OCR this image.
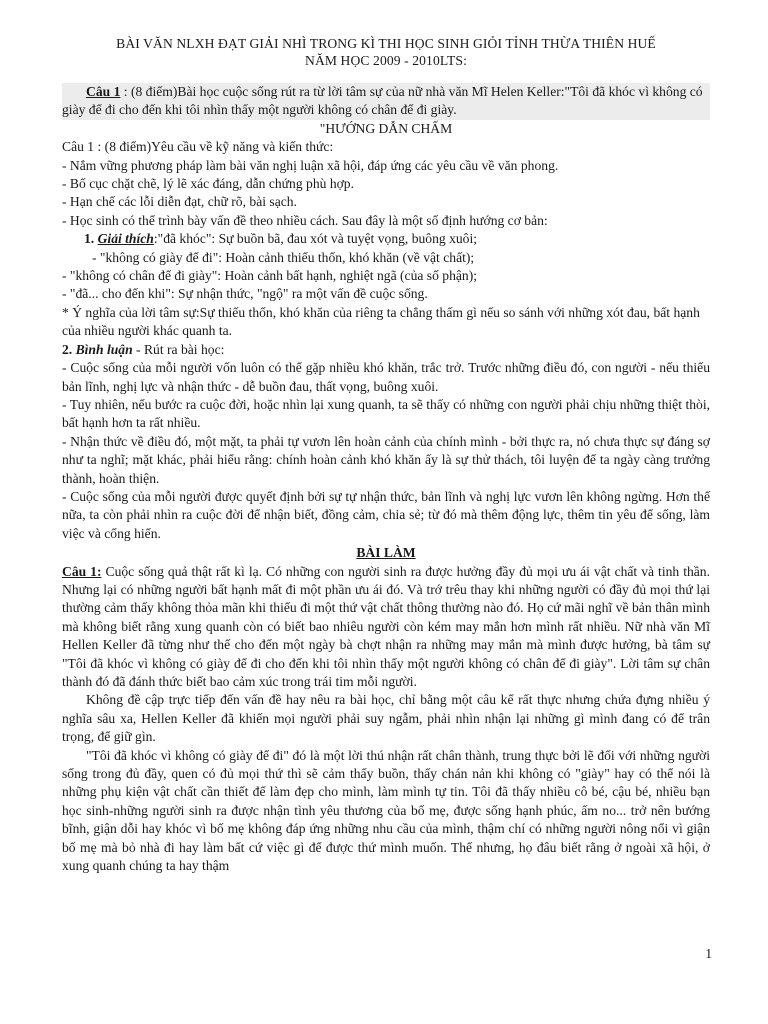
BÀI VĂN NLXH ĐẠT GIẢI NHÌ TRONG KÌ THI HỌC SINH GIỎI TỈNH THỪA THIÊN HUẾ
NĂM HỌC 2009 - 2010LTS:

Câu 1 : (8 điểm)Bài học cuộc sống rút ra từ lời tâm sự của nữ nhà văn Mĩ Helen Keller:"Tôi đã khóc vì không có giày để đi cho đến khi tôi nhìn thấy một người không có chân để đi giày.

"HƯỚNG DẪN CHẤM

Câu 1 : (8 điểm)Yêu cầu về kỹ năng và kiến thức:

- Nắm vững phương pháp làm bài văn nghị luận xã hội, đáp ứng các yêu cầu về văn phong.

- Bố cục chặt chẽ, lý lẽ xác đáng, dẫn chứng phù hợp.

- Hạn chế các lỗi diễn đạt, chữ rõ, bài sạch.

- Học sinh có thể trình bày vấn đề theo nhiều cách. Sau đây là một số định hướng cơ bản:

1. Giải thích:"đã khóc": Sự buồn bã, đau xót và tuyệt vọng, buông xuôi;

- "không có giày để đi": Hoàn cảnh thiếu thốn, khó khăn (về vật chất);

- "không có chân để đi giày": Hoàn cảnh bất hạnh, nghiệt ngã (của số phận);

- "đã... cho đến khi": Sự nhận thức, "ngộ" ra một vấn đề cuộc sống.

* Ý nghĩa của lời tâm sự:Sự thiếu thốn, khó khăn của riêng ta chẳng thấm gì nếu so sánh với những xót đau, bất hạnh của nhiều người khác quanh ta.

2. Bình luận - Rút ra bài học:

- Cuộc sống của mỗi người vốn luôn có thể gặp nhiều khó khăn, trắc trở. Trước những điều đó, con người - nếu thiếu bản lĩnh, nghị lực và nhận thức - dễ buồn đau, thất vọng, buông xuôi.

- Tuy nhiên, nếu bước ra cuộc đời, hoặc nhìn lại xung quanh, ta sẽ thấy có những con người phải chịu những thiệt thòi, bất hạnh hơn ta rất nhiều.

- Nhận thức về điều đó, một mặt, ta phải tự vươn lên hoàn cảnh của chính mình - bởi thực ra, nó chưa thực sự đáng sợ như ta nghĩ; mặt khác, phải hiểu rằng: chính hoàn cảnh khó khăn ấy là sự thử thách, tôi luyện để ta ngày càng trưởng thành, hoàn thiện.

- Cuộc sống của mỗi người được quyết định bởi sự tự nhận thức, bản lĩnh và nghị lực vươn lên không ngừng. Hơn thế nữa, ta còn phải nhìn ra cuộc đời để nhận biết, đồng cảm, chia sẻ; từ đó mà thêm động lực, thêm tin yêu để sống, làm việc và cống hiến.

BÀI LÀM

Câu 1: Cuộc sống quả thật rất kì lạ. Có những con người sinh ra được hưởng đầy đủ mọi ưu ái vật chất và tinh thần. Nhưng lại có những người bất hạnh mất đi một phần ưu ái đó. Và trớ trêu thay khi những người có đầy đủ mọi thứ lại thường cảm thấy không thỏa mãn khi thiếu đi một thứ vật chất thông thường nào đó. Họ cứ mãi nghĩ về bản thân mình mà không biết rằng xung quanh còn có biết bao nhiêu người còn kém may mắn hơn mình rất nhiều. Nữ nhà văn Mĩ Hellen Keller đã từng như thế cho đến một ngày bà chợt nhận ra những may mắn mà mình được hưởng, bà tâm sự "Tôi đã khóc vì không có giày để đi cho đến khi tôi nhìn thấy một người không có chân để đi giày". Lời tâm sự chân thành đó đã đánh thức biết bao cảm xúc trong trái tim mỗi người.

Không đề cập trực tiếp đến vấn đề hay nêu ra bài học, chỉ bằng một câu kể rất thực nhưng chứa đựng nhiều ý nghĩa sâu xa, Hellen Keller đã khiến mọi người phải suy ngẫm, phải nhìn nhận lại những gì mình đang có để trân trọng, để giữ gìn.

"Tôi đã khóc vì không có giày để đi" đó là một lời thú nhận rất chân thành, trung thực bởi lẽ đối với những người sống trong đủ đầy, quen có đủ mọi thứ thì sẽ cảm thấy buồn, thấy chán nản khi không có "giày" hay có thể nói là những phụ kiện vật chất cần thiết để làm đẹp cho mình, làm mình tự tin. Tôi đã thấy nhiều cô bé, cậu bé, nhiều bạn học sinh-những người sinh ra được nhận tình yêu thương của bố mẹ, được sống hạnh phúc, ấm no... trở nên bướng bĩnh, giận dỗi hay khóc vì bố mẹ không đáp ứng những nhu cầu của mình, thậm chí có những người nông nổi vì giận bố mẹ mà bỏ nhà đi hay làm bất cứ việc gì để được thứ mình muốn. Thế nhưng, họ đâu biết rằng ở ngoài xã hội, ở xung quanh chúng ta hay thậm

1
